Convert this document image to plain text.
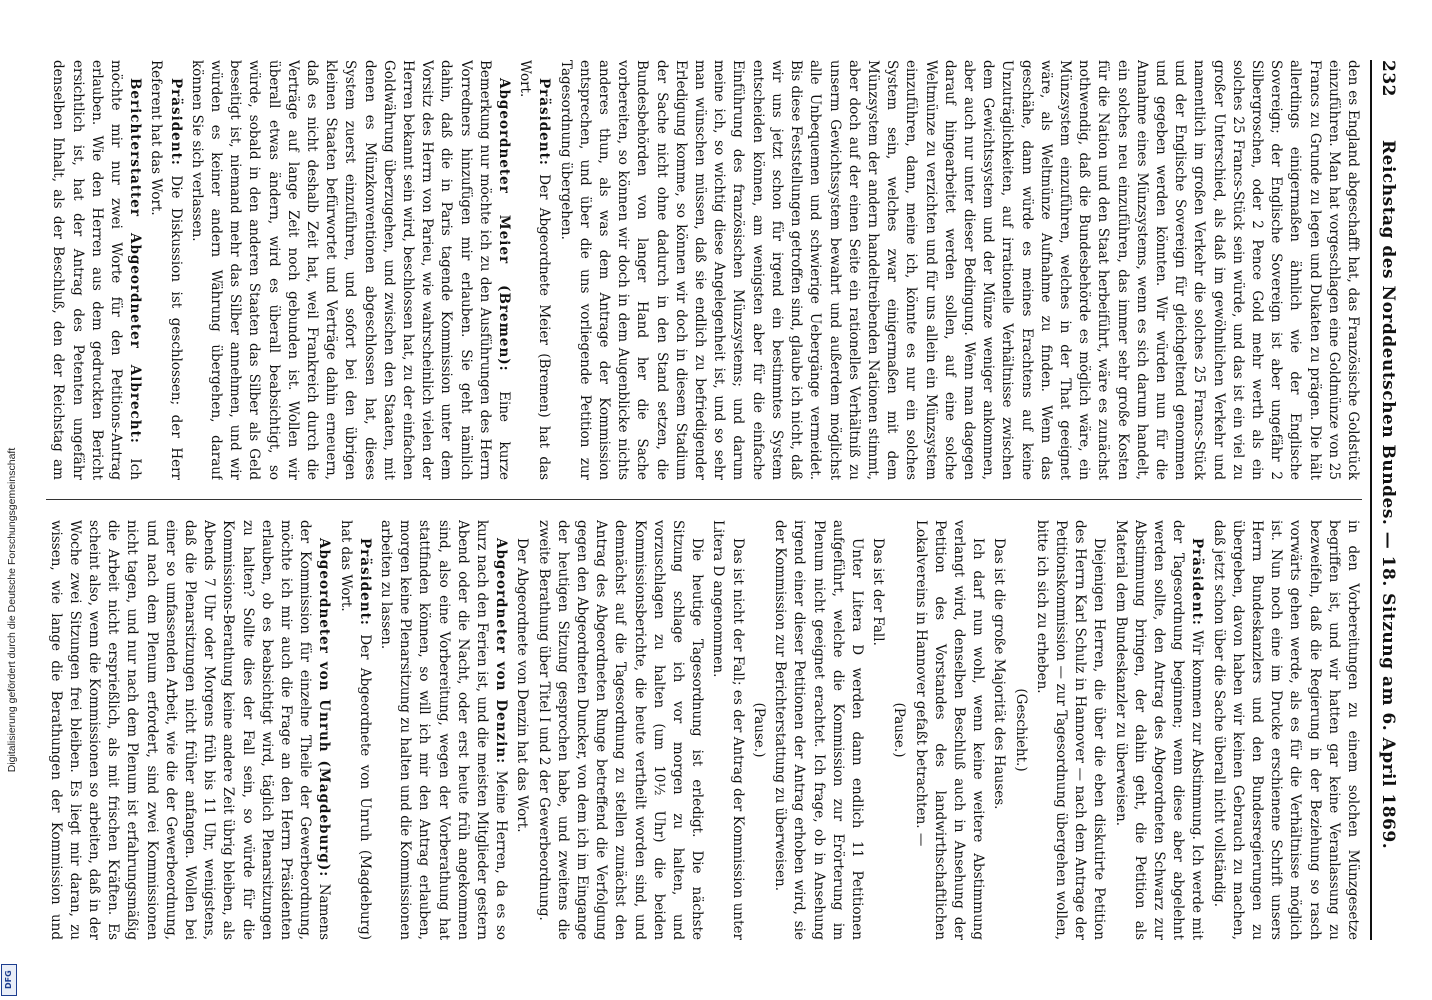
232
Reichstag des Norddeutschen Bundes. — 18. Sitzung am 6. April 1869.

den es England abgeschafft hat, das Französische Goldstück einzuführen. Man hat vorgeschlagen eine Goldmünze von 25 Francs zu Grunde zu legen und Dukaten zu prägen. Die hält allerdings einigermaßen ähnlich wie der Englische Sovereign; der Englische Sovereign ist aber ungefähr 2 Silbergroschen, oder 2 Pence Gold mehr werth als ein solches 25 Francs-Stück sein würde, und das ist ein viel zu großer Unterschied, als daß im gewöhnlichen Verkehr und namentlich im großen Verkehr die solches 25 Francs-Stück und der Englische Sovereign für gleichgeltend genommen und gegeben werden könnten. Wir würden nun für die Annahme eines Münzsystems, wenn es sich darum handelt, ein solches neu einzuführen, das immer sehr große Kosten für die Nation und den Staat herbeiführt, wäre es zunächst nothwendig, daß die Bundesbehörde es möglich wäre, ein Münzsystem einzuführen, welches in der That geeignet wäre, als Weltmünze Aufnahme zu finden. Wenn das geschähe, dann würde es meines Erachtens auf keine Unzuträglichkeiten, auf irrationelle Verhältnisse zwischen dem Gewichtssystem und der Münze weniger ankommen, aber auch nur unter dieser Bedingung. Wenn man dagegen darauf hingearbeitet werden sollen, auf eine solche Weltmünze zu verzichten und für uns allein ein Münzsystem einzuführen, dann, meine ich, könnte es nur ein solches System sein, welches zwar einigermaßen mit dem Münzsystem der andern handeltreibenden Nationen stimmt, aber doch auf der einen Seite ein rationelles Verhältniß zu unserm Gewichtssystem bewahrt und außerdem möglichst alle Unbequemen und schwierige Uebergänge vermeidet. Bis diese Feststellungen getroffen sind, glaube ich nicht, daß wir uns jetzt schon für irgend ein bestimmtes System entscheiden können, am wenigsten aber für die einfache Einführung des französischen Münzsystems; und darum meine ich, so wichtig diese Angelegenheit ist, und so sehr man wünschen müssen, daß sie endlich zu befriedigender Erledigung komme, so können wir doch in diesem Stadium der Sache nicht ohne dadurch in den Stand setzen, die Bundesbehörden von langer Hand her die Sache vorbereiten, so können wir doch in dem Augenblicke nichts anderes thun, als was dem Antrage der Kommission entsprechen, und über die uns vorliegende Petition zur Tagesordnung übergehen.

Präsident: Der Abgeordnete Meier (Bremen) hat das Wort.

Abgeordneter Meier (Bremen): Eine kurze Bemerkung nur möchte ich zu den Ausführungen des Herrn Vorredners hinzufügen mir erlauben. Sie geht nämlich dahin, daß die in Paris tagende Kommission unter dem Vorsitz des Herrn von Parieu, wie wahrscheinlich vielen der Herren bekannt sein wird, beschlossen hat, zu der einfachen Goldwährung überzugehen, und zwischen den Staaten, mit denen es Münzkonventionen abgeschlossen hat, dieses System zuerst einzuführen, und sofort bei den übrigen kleinen Staaten befürwortet und Verträge dahin erneuern, daß es nicht deshalb Zeit hat, weil Frankreich durch die Verträge auf lange Zeit noch gebunden ist. Wollen wir überall etwas ändern, wird es überall beabsichtigt, so würde, sobald in den anderen Staaten das Silber als Geld beseitigt ist, niemand mehr das Silber annehmen, und wir würden es keiner andern Währung übergehen, darauf können Sie sich verlassen.

Präsident: Die Diskussion ist geschlossen; der Herr Referent hat das Wort.

Berichterstatter Abgeordneter Albrecht: Ich möchte mir nur zwei Worte für den Petitions-Antrag erlauben. Wie den Herren aus dem gedruckten Bericht ersichtlich ist, hat der Antrag des Petenten ungefähr denselben Inhalt, als der Beschluß, den der Reichstag am

in den Vorbereitungen zu einem solchen Münzgesetze begriffen ist, und wir hatten gar keine Veranlassung zu bezweifeln, daß die Regierung in der Beziehung so rasch vorwärts gehen werde, als es für die Verhältnisse möglich ist. Nun noch eine im Drucke erschienene Schrift unsers Herrn Bundeskanzlers und den Bundesregierungen zu übergeben, davon haben wir keinen Gebrauch zu machen, daß jetzt schon über die Sache überall nicht vollständig.

Präsident: Wir kommen zur Abstimmung. Ich werde mit der Tagesordnung beginnen; wenn diese aber abgelehnt werden sollte, den Antrag des Abgeordneten Schwarz zur Abstimmung bringen, der dahin geht, die Petition als Material dem Bundeskanzler zu überweisen.

Diejenigen Herren, die über die eben diskutirte Petition des Herrn Karl Schulz in Hannover — nach dem Antrage der Petitionskommission — zur Tagesordnung übergehen wollen, bitte ich sich zu erheben.

(Geschieht.)

Das ist die große Majorität des Hauses.

Ich darf nun wohl, wenn keine weitere Abstimmung verlangt wird, denselben Beschluß auch in Ansehung der Petition des Vorstandes des landwirthschaftlichen Lokalvereins in Hannover gefaßt betrachten. —

(Pause.)

Das ist der Fall.

Unter Litera D werden dann endlich 11 Petitionen aufgeführt, welche die Kommission zur Erörterung im Plenum nicht geeignet erachtet. Ich frage, ob in Ansehung irgend einer dieser Petitionen der Antrag erhoben wird, sie der Kommission zur Berichterstattung zu überweisen.

(Pause.)

Das ist nicht der Fall; es der Antrag der Kommission unter Litera D angenommen.

Die heutige Tagesordnung ist erledigt. Die nächste Sitzung schlage ich vor morgen zu halten, und vorzuschlagen zu halten (um 10½ Uhr) die beiden Kommissionsberichte, die heute vertheilt worden sind, und demnächst auf die Tagesordnung zu stellen zunächst den Antrag des Abgeordneten Runge betreffend die Verfolgung gegen den Abgeordneten Duncker, von dem ich im Eingange der heutigen Sitzung gesprochen habe, und zweitens die zweite Berathung über Titel I und 2 der Gewerbeordnung.

Der Abgeordnete von Denzin hat das Wort.

Abgeordneter von Denzin: Meine Herren, da es so kurz nach den Ferien ist, und die meisten Mitglieder gestern Abend oder die Nacht, oder erst heute früh angekommen sind, also eine Vorbereitung, wegen der Vorberathung hat stattfinden können, so will ich mir den Antrag erlauben, morgen keine Plenarsitzung zu halten und die Kommissionen arbeiten zu lassen.

Präsident: Der Abgeordnete von Unruh (Magdeburg) hat das Wort.

Abgeordneter von Unruh (Magdeburg): Namens der Kommission für einzelne Theile der Gewerbeordnung, möchte ich mir auch die Frage an den Herrn Präsidenten erlauben, ob es beabsichtigt wird, täglich Plenarsitzungen zu halten? Sollte dies der Fall sein, so würde für die Kommissions-Berathung keine andere Zeit übrig bleiben, als Abends 7 Uhr oder Morgens früh bis 11 Uhr, wenigstens, daß die Plenarsitzungen nicht früher anfangen. Wollen bei einer so umfassenden Arbeit, wie die der Gewerbeordnung, und nach dem Plenum erfordert, sind zwei Kommissionen nicht tagen, und nur nach dem Plenum ist erfahrungsmäßig die Arbeit nicht ersprießlich, als mit frischen Kräften. Es scheint also, wenn die Kommissionen so arbeiten, daß in der Woche zwei Sitzungen frei bleiben. Es liegt mir daran, zu wissen, wie lange die Berathungen der Kommission und

Digitalisierung gefördert durch die Deutsche Forschungsgemeinschaft
DFG
